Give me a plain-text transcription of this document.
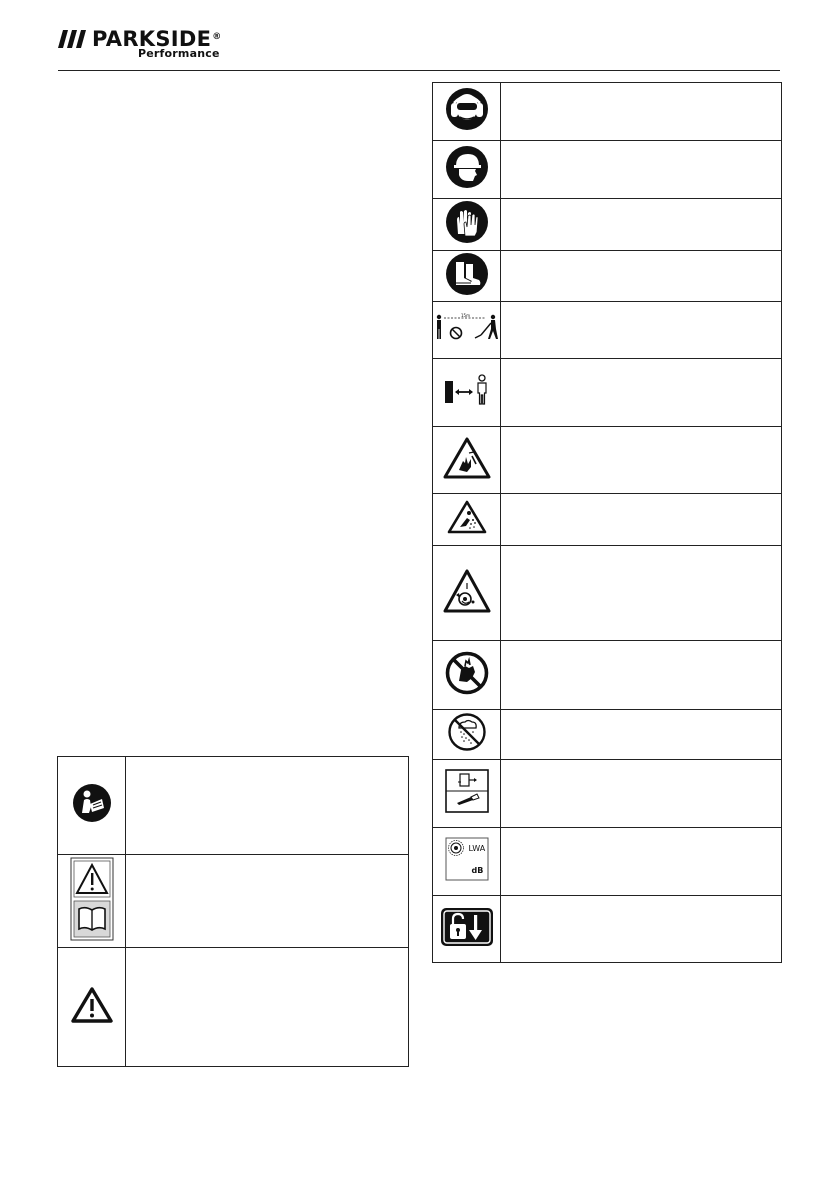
PARKSIDE®
Performance

15m	

LWA
dB	
